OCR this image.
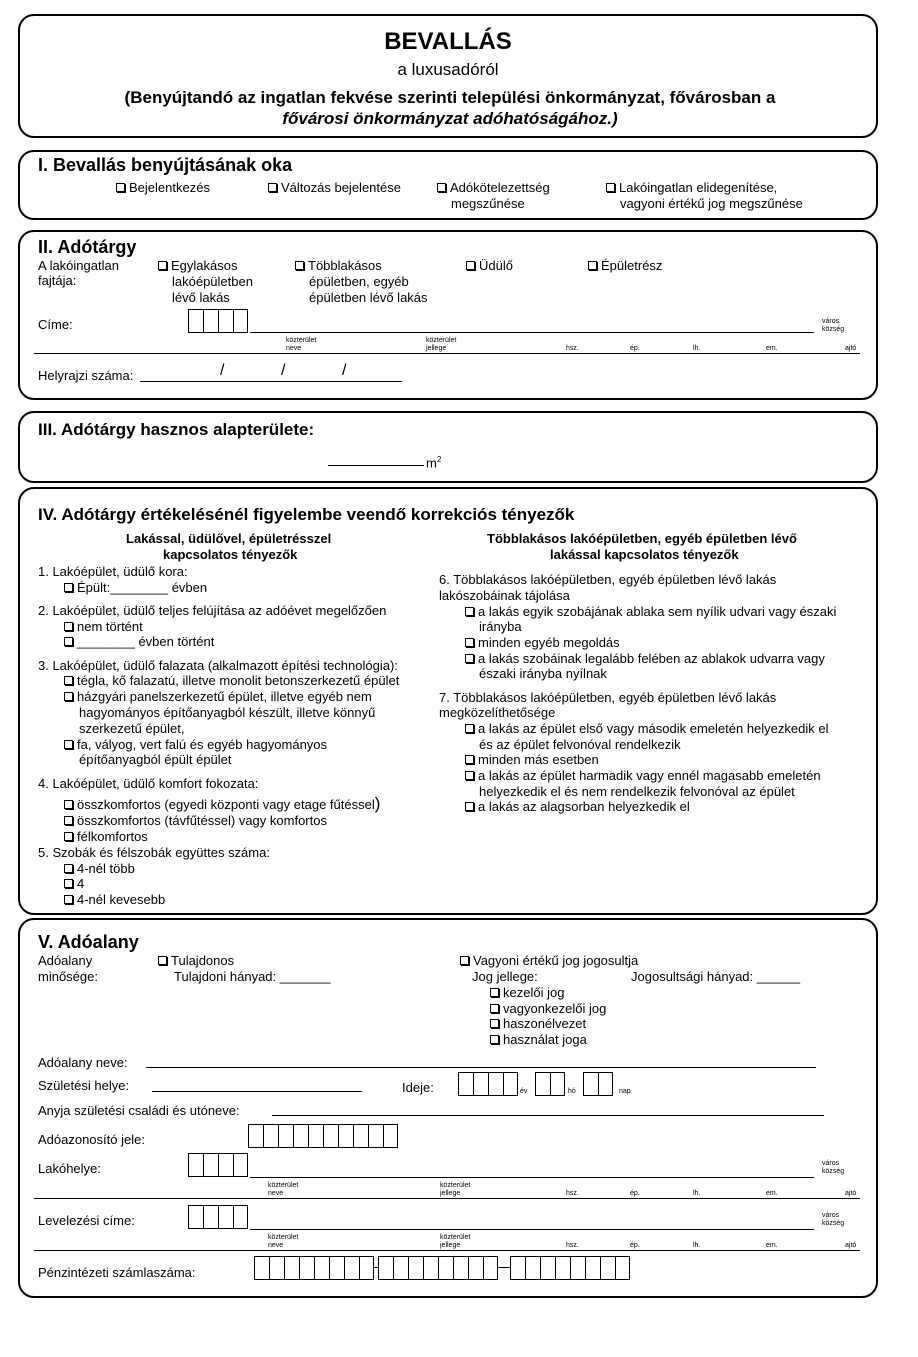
BEVALLÁS
a luxusadóról
(Benyújtandó az ingatlan fekvése szerinti települési önkormányzat, fővárosban a
fővárosi önkormányzat adóhatóságához.)
I. Bevallás benyújtásának oka
Bejelentkezés	Változás bejelentése	Adókötelezettség
megszűnése
Lakóingatlan elidegenítése,
vagyoni értékű jog megszűnése
II. Adótárgy
A lakóingatlan
fajtája:
Egylakásos
lakóépületben
lévő lakás
Többlakásos
épületben, egyéb
épületben lévő lakás
Üdülő	Épületrész
Címe:	város
község
közterület
neve
közterület
jellege	hsz.	ép.	lh.	em.	ajtó
Helyrajzi száma:	/	/	/
III. Adótárgy hasznos alapterülete:
$m^2$
IV. Adótárgy értékelésénél figyelembe veendő korrekciós tényezők
Lakással, üdülővel, épületrésszel
kapcsolatos tényezők
Többlakásos lakóépületben, egyéb épületben lévő
lakással kapcsolatos tényezők
1. Lakóépület, üdülő kora:
Épült:________ évben
2. Lakóépület, üdülő teljes felújítása az adóévet megelőzően
nem történt
________ évben történt
3. Lakóépület, üdülő falazata (alkalmazott építési technológia):
tégla, kő falazatú, illetve monolit betonszerkezetű épület
házgyári panelszerkezetű épület, illetve egyéb nem
hagyományos építőanyagból készült, illetve könnyű
szerkezetű épület,
fa, vályog, vert falú és egyéb hagyományos
építőanyagból épült épület
4. Lakóépület, üdülő komfort fokozata:
összkomfortos (egyedi központi vagy etage fűtéssel)
összkomfortos (távfűtéssel) vagy komfortos
félkomfortos
5. Szobák és félszobák együttes száma:
4-nél több
4
4-nél kevesebb
6. Többlakásos lakóépületben, egyéb épületben lévő lakás
lakószobáinak tájolása
a lakás egyik szobájának ablaka sem nyílik udvari vagy északi
irányba
minden egyéb megoldás
a lakás szobáinak legalább felében az ablakok udvarra vagy
északi irányba nyílnak
7. Többlakásos lakóépületben, egyéb épületben lévő lakás
megközelíthetősége
a lakás az épület első vagy második emeletén helyezkedik el
és az épület felvonóval rendelkezik
minden más esetben
a lakás az épület harmadik vagy ennél magasabb emeletén
helyezkedik el és nem rendelkezik felvonóval az épület
a lakás az alagsorban helyezkedik el
V. Adóalany
Adóalany
minősége:
Tulajdonos
Tulajdoni hányad: _______
Vagyoni értékű jog jogosultja
Jog jellege:	Jogosultsági hányad: ______
kezelői jog
vagyonkezelői jog
haszonélvezet
használat joga
Adóalany neve:
Születési helye:	Ideje:	év	hó	nap
Anyja születési családi és utóneve:
Adóazonosító jele:
Lakóhelye:	város
község
közterület
neve
közterület
jellege	hsz.	ép.	lh.	em.	ajtó
Levelezési címe:	város
község
közterület
neve
közterület
jellege	hsz.	ép.	lh.	em.	ajtó
Pénzintézeti számlaszáma:
